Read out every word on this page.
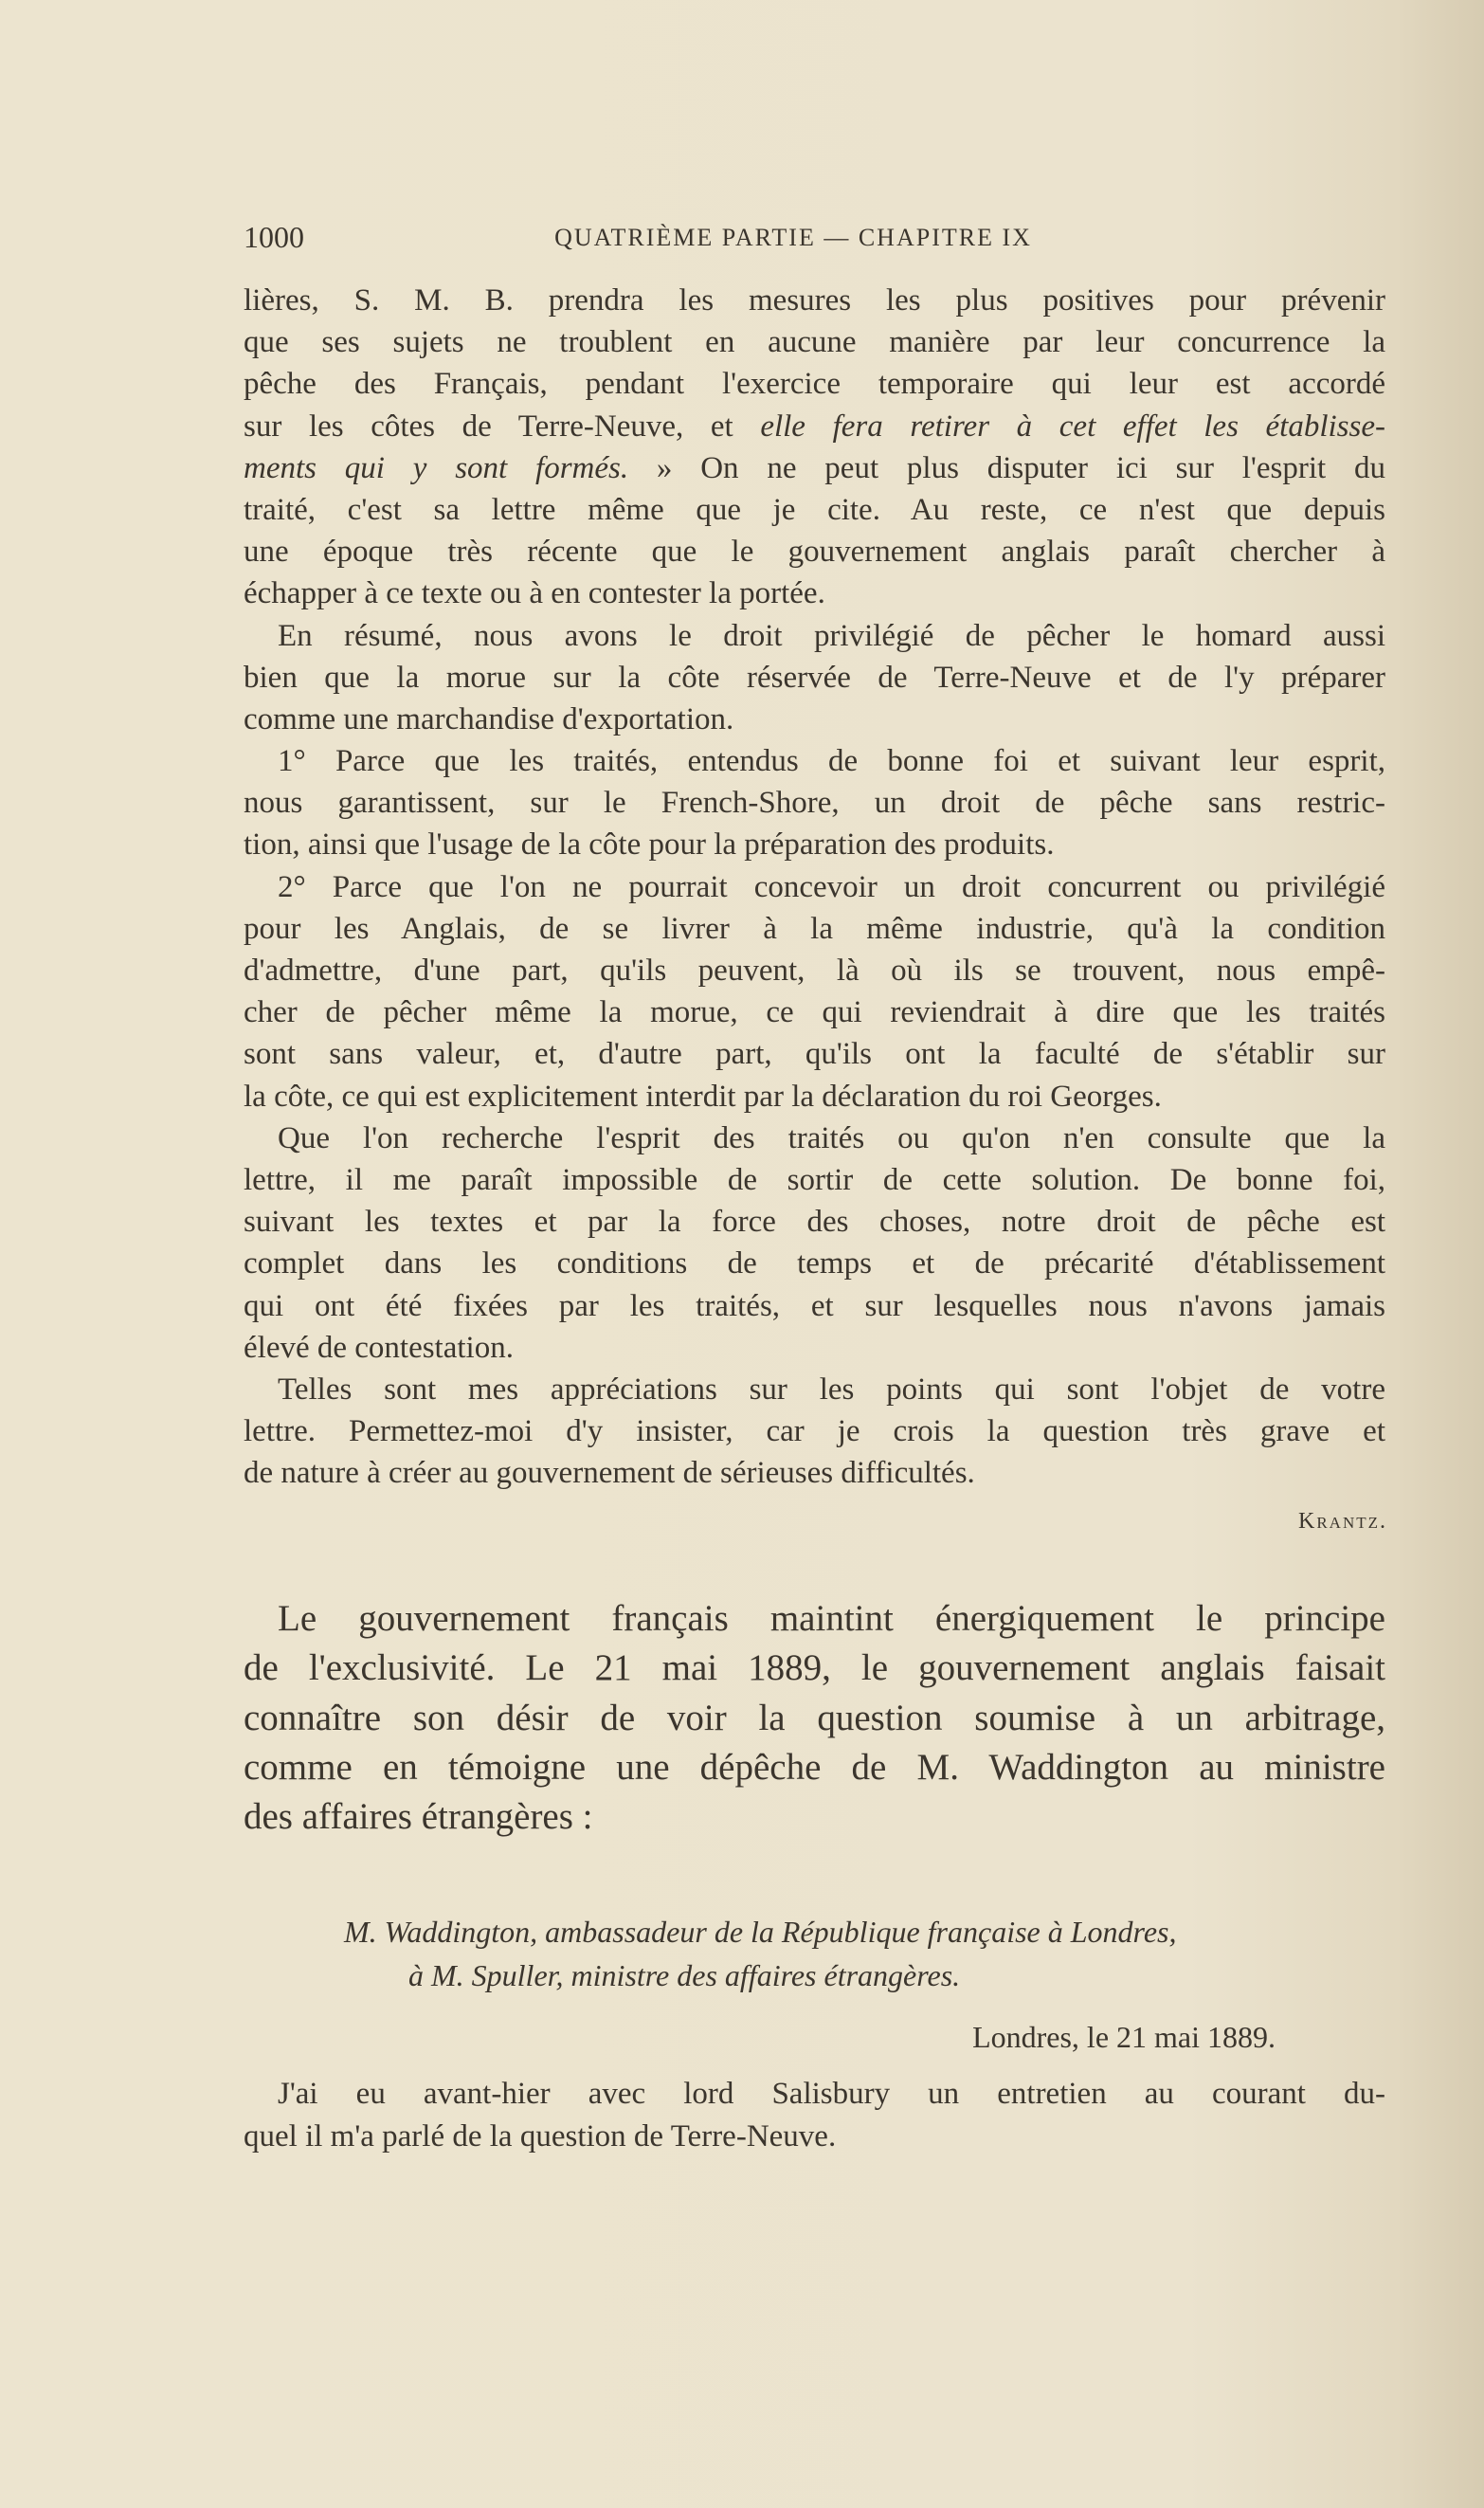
1000	QUATRIÈME PARTIE — CHAPITRE IX
lières, S. M. B. prendra les mesures les plus positives pour prévenir
que ses sujets ne troublent en aucune manière par leur concurrence la
pêche des Français, pendant l'exercice temporaire qui leur est accordé
sur les côtes de Terre-Neuve, et elle fera retirer à cet effet les établisse-
ments qui y sont formés. » On ne peut plus disputer ici sur l'esprit du
traité, c'est sa lettre même que je cite. Au reste, ce n'est que depuis
une époque très récente que le gouvernement anglais paraît chercher à
échapper à ce texte ou à en contester la portée.
En résumé, nous avons le droit privilégié de pêcher le homard aussi
bien que la morue sur la côte réservée de Terre-Neuve et de l'y préparer
comme une marchandise d'exportation.
1° Parce que les traités, entendus de bonne foi et suivant leur esprit,
nous garantissent, sur le French-Shore, un droit de pêche sans restric-
tion, ainsi que l'usage de la côte pour la préparation des produits.
2° Parce que l'on ne pourrait concevoir un droit concurrent ou privilégié
pour les Anglais, de se livrer à la même industrie, qu'à la condition
d'admettre, d'une part, qu'ils peuvent, là où ils se trouvent, nous empê-
cher de pêcher même la morue, ce qui reviendrait à dire que les traités
sont sans valeur, et, d'autre part, qu'ils ont la faculté de s'établir sur
la côte, ce qui est explicitement interdit par la déclaration du roi Georges.
Que l'on recherche l'esprit des traités ou qu'on n'en consulte que la
lettre, il me paraît impossible de sortir de cette solution. De bonne foi,
suivant les textes et par la force des choses, notre droit de pêche est
complet dans les conditions de temps et de précarité d'établissement
qui ont été fixées par les traités, et sur lesquelles nous n'avons jamais
élevé de contestation.
Telles sont mes appréciations sur les points qui sont l'objet de votre
lettre. Permettez-moi d'y insister, car je crois la question très grave et
de nature à créer au gouvernement de sérieuses difficultés.
Krantz.
Le gouvernement français maintint énergiquement le principe
de l'exclusivité. Le 21 mai 1889, le gouvernement anglais faisait
connaître son désir de voir la question soumise à un arbitrage,
comme en témoigne une dépêche de M. Waddington au ministre
des affaires étrangères :
M. Waddington, ambassadeur de la République française à Londres,
à M. Spuller, ministre des affaires étrangères.
Londres, le 21 mai 1889.
J'ai eu avant-hier avec lord Salisbury un entretien au courant du-
quel il m'a parlé de la question de Terre-Neuve.
